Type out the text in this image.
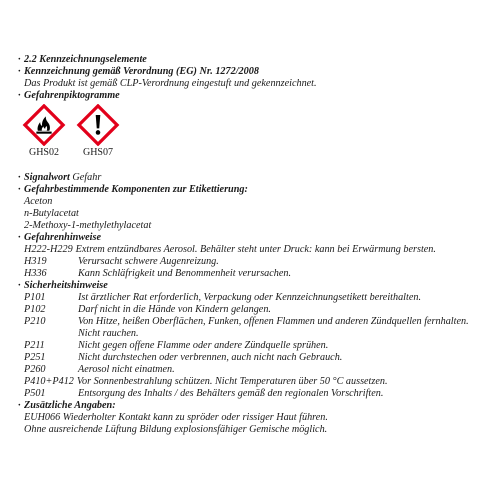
· 2.2 Kennzeichnungselemente
· Kennzeichnung gemäß Verordnung (EG) Nr. 1272/2008
Das Produkt ist gemäß CLP-Verordnung eingestuft und gekennzeichnet.
· Gefahrenpiktogramme
GHS02 GHS07
· Signalwort Gefahr
· Gefahrbestimmende Komponenten zur Etikettierung:
Aceton
n-Butylacetat
2-Methoxy-1-methylethylacetat
· Gefahrenhinweise
H222-H229 Extrem entzündbares Aerosol. Behälter steht unter Druck: kann bei Erwärmung bersten.
H319	Verursacht schwere Augenreizung.
H336	Kann Schläfrigkeit und Benommenheit verursachen.
· Sicherheitshinweise
P101	Ist ärztlicher Rat erforderlich, Verpackung oder Kennzeichnungsetikett bereithalten.
P102	Darf nicht in die Hände von Kindern gelangen.
P210	Von Hitze, heißen Oberflächen, Funken, offenen Flammen und anderen Zündquellen fernhalten.
Nicht rauchen.
P211	Nicht gegen offene Flamme oder andere Zündquelle sprühen.
P251	Nicht durchstechen oder verbrennen, auch nicht nach Gebrauch.
P260	Aerosol nicht einatmen.
P410+P412 Vor Sonnenbestrahlung schützen. Nicht Temperaturen über 50 °C aussetzen.
P501	Entsorgung des Inhalts / des Behälters gemäß den regionalen Vorschriften.
· Zusätzliche Angaben:
EUH066 Wiederholter Kontakt kann zu spröder oder rissiger Haut führen.
Ohne ausreichende Lüftung Bildung explosionsfähiger Gemische möglich.
